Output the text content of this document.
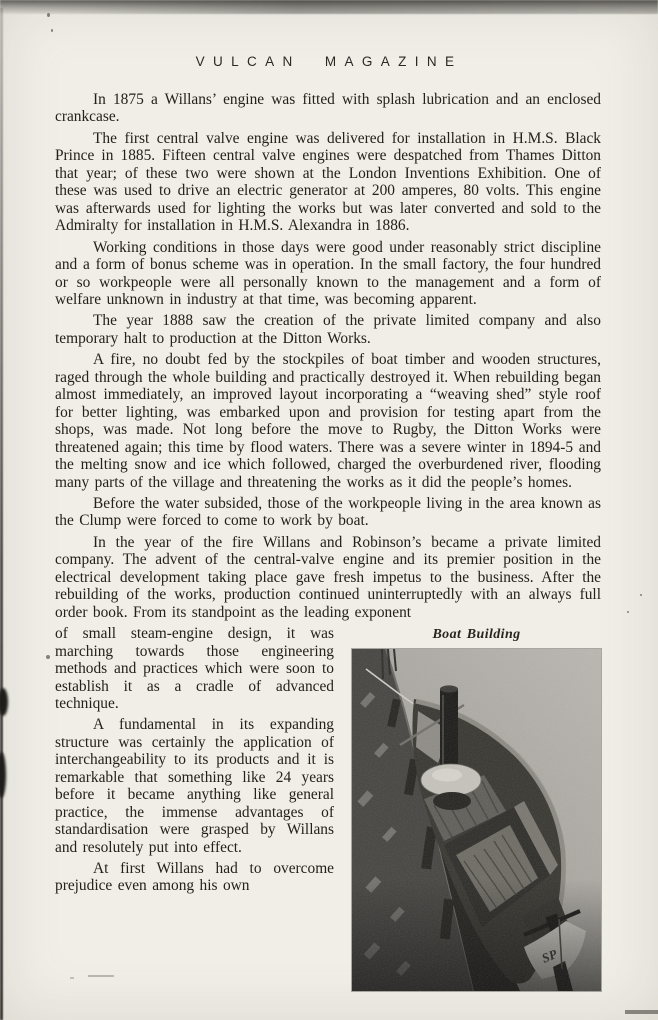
VULCAN MAGAZINE

In 1875 a Willans’ engine was fitted with splash lubrication and an enclosed crankcase.

The first central valve engine was delivered for installation in H.M.S. Black Prince in 1885. Fifteen central valve engines were despatched from Thames Ditton that year; of these two were shown at the London Inventions Exhibition. One of these was used to drive an electric generator at 200 amperes, 80 volts. This engine was afterwards used for lighting the works but was later converted and sold to the Admiralty for installation in H.M.S. Alexandra in 1886.

Working conditions in those days were good under reasonably strict discipline and a form of bonus scheme was in operation. In the small factory, the four hundred or so workpeople were all personally known to the management and a form of welfare unknown in industry at that time, was becoming apparent.

The year 1888 saw the creation of the private limited company and also temporary halt to production at the Ditton Works.

A fire, no doubt fed by the stockpiles of boat timber and wooden structures, raged through the whole building and practically destroyed it. When rebuilding began almost immediately, an improved layout incorporating a “weaving shed” style roof for better lighting, was embarked upon and provision for testing apart from the shops, was made. Not long before the move to Rugby, the Ditton Works were threatened again; this time by flood waters. There was a severe winter in 1894-5 and the melting snow and ice which followed, charged the overburdened river, flooding many parts of the village and threatening the works as it did the people’s homes.

Before the water subsided, those of the workpeople living in the area known as the Clump were forced to come to work by boat.

In the year of the fire Willans and Robinson’s became a private limited company. The advent of the central-valve engine and its premier position in the electrical development taking place gave fresh impetus to the business. After the rebuilding of the works, production continued uninterruptedly with an always full order book. From its standpoint as the leading exponent

of small steam-engine design, it was marching towards those engineering methods and practices which were soon to establish it as a cradle of advanced technique.

A fundamental in its expanding structure was certainly the application of interchangeability to its products and it is remarkable that something like 24 years before it became anything like general practice, the immense advantages of standardisation were grasped by Willans and resolutely put into effect.

At first Willans had to overcome prejudice even among his own

Boat Building
